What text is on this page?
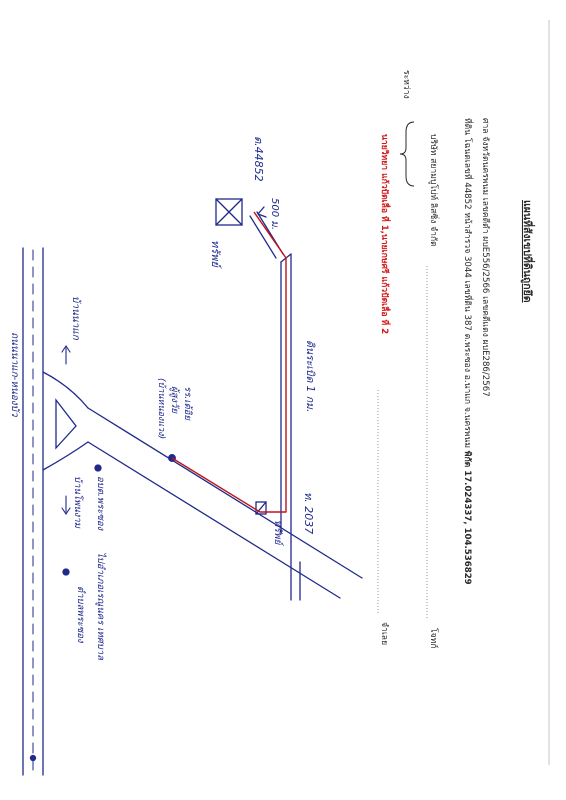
แผนที่สังเขปที่ดินถูกยึด
ศาล จังหวัดนครพนม เลขคดีดำ ผบE556/2566 เลขคดีแดง ผบE286/2567
ที่ดิน โฉนดเลขที่ 44852 หน้าสำรวจ 3044 เลขที่ดิน 387 ต.พระซอง อ.นาแก จ.นครพนม พิกัด 17.024337, 104.536829
บริษัท สยามบูโบ่ท์ ลิสซิ่ง จำกัด
โจทก์
ระหว่าง
นายวิทยา แก้วปัดเลื่อ ที่ 1,นายเกษศรี แก้วปัดเลื่อ ที่ 2
จำเลย
ต.44852
ทรัพย์
500 ม.
ดินระเบิด 1 กม.
ทรัพย์ ท. 2037
รร.เต้อิย
ผู้สูงวัย
(บ้านหนองแวง)
บ้านนาแก
อบต.พระซอง
บ้านโพนงาม
ไปอำเภอเรณูนคร เทศบาล
ตำบลพระซอง
ถนนนาแก-หนองบัว
